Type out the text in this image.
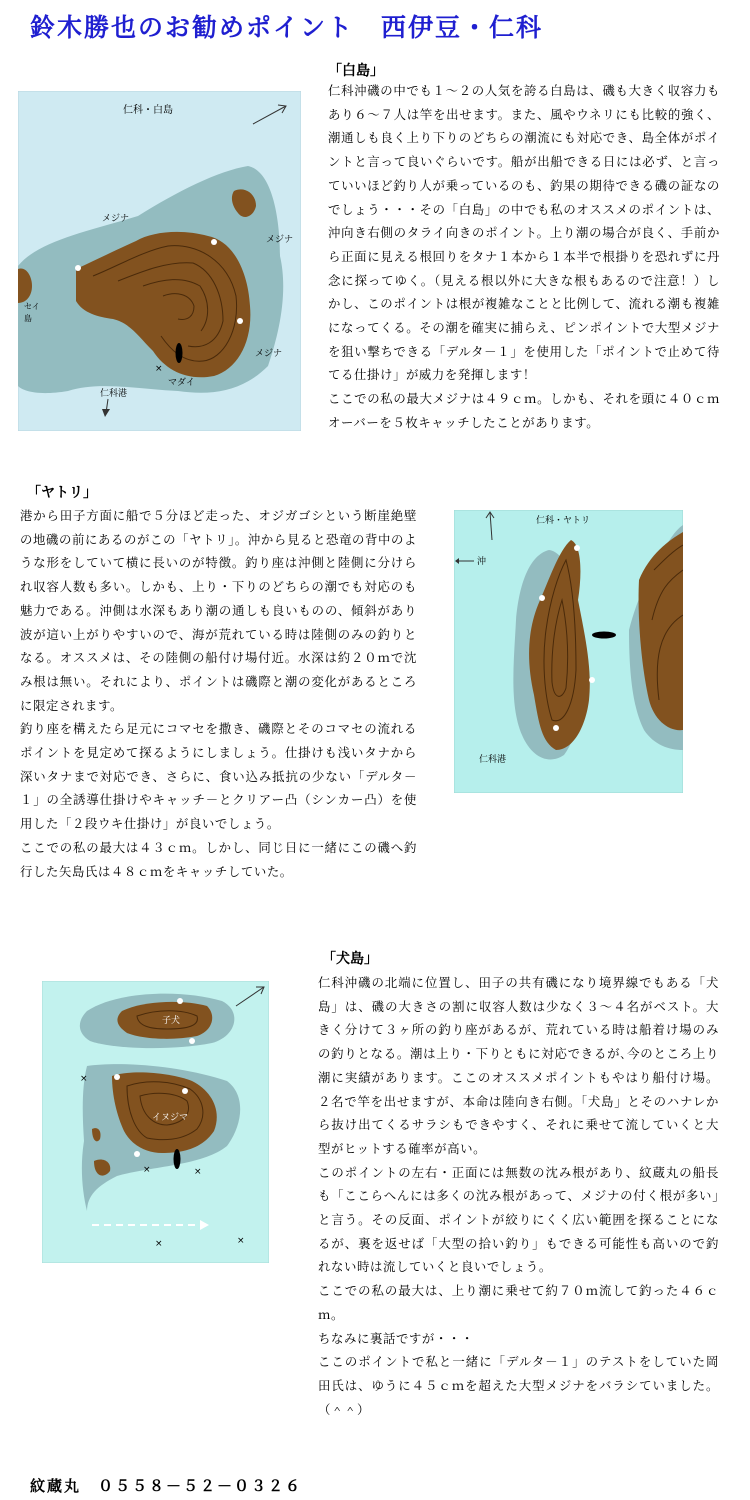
鈴木勝也のお勧めポイント　西伊豆・仁科
「白島」
×
仁科・白島
メジナ
メジナ
メジナ
マダイ
仁科港
セイ
島

仁科沖磯の中でも１～２の人気を誇る白島は、磯も大きく収容力もあり６～７人は竿を出せます。また、風やウネリにも比較的強く、潮通しも良く上り下りのどちらの潮流にも対応でき、島全体がポイントと言って良いぐらいです。船が出船できる日には必ず、と言っていいほど釣り人が乗っているのも、釣果の期待できる磯の証なのでしょう・・・その「白島」の中でも私のオススメのポイントは、沖向き右側のタライ向きのポイント。上り潮の場合が良く、手前から正面に見える根回りをタナ１本から１本半で根掛りを恐れずに丹念に探ってゆく。（見える根以外に大きな根もあるので注意！）しかし、このポイントは根が複雑なことと比例して、流れる潮も複雑になってくる。その潮を確実に捕らえ、ピンポイントで大型メジナを狙い撃ちできる「デルタ－１」を使用した「ポイントで止めて待てる仕掛け」が威力を発揮します！

ここでの私の最大メジナは４９ｃｍ。しかも、それを頭に４０ｃｍオーバーを５枚キャッチしたことがあります。

「ヤトリ」

港から田子方面に船で５分ほど走った、オジガゴシという断崖絶壁の地磯の前にあるのがこの「ヤトリ」。沖から見ると恐竜の背中のような形をしていて横に長いのが特徴。釣り座は沖側と陸側に分けられ収容人数も多い。しかも、上り・下りのどちらの潮でも対応のも魅力である。沖側は水深もあり潮の通しも良いものの、傾斜があり波が這い上がりやすいので、海が荒れている時は陸側のみの釣りとなる。オススメは、その陸側の船付け場付近。水深は約２０ｍで沈み根は無い。それにより、ポイントは磯際と潮の変化があるところに限定されます。

釣り座を構えたら足元にコマセを撒き、磯際とそのコマセの流れるポイントを見定めて探るようにしましょう。仕掛けも浅いタナから深いタナまで対応でき、さらに、食い込み抵抗の少ない「デルタ－１」の全誘導仕掛けやキャッチ－とクリアー凸（シンカー凸）を使用した「２段ウキ仕掛け」が良いでしょう。

ここでの私の最大は４３ｃｍ。しかし、同じ日に一緒にこの磯へ釣行した矢島氏は４８ｃｍをキャッチしていた。

仁科・ヤトリ
沖
仁科港
「犬島」
×
×	×
×	×
子犬
イヌジマ

仁科沖磯の北端に位置し、田子の共有磯になり境界線でもある「犬島」は、磯の大きさの割に収容人数は少なく３～４名がベスト。大きく分けて３ヶ所の釣り座があるが、荒れている時は船着け場のみの釣りとなる。潮は上り・下りともに対応できるが､今のところ上り潮に実績があります。ここのオススメポイントもやはり船付け場。２名で竿を出せますが、本命は陸向き右側。「犬島」とそのハナレから抜け出てくるサラシもできやすく、それに乗せて流していくと大型がヒットする確率が高い。

このポイントの左右・正面には無数の沈み根があり、紋蔵丸の船長も「ここらへんには多くの沈み根があって、メジナの付く根が多い」と言う。その反面、ポイントが絞りにくく広い範囲を探ることになるが、裏を返せば「大型の拾い釣り」もできる可能性も高いので釣れない時は流していくと良いでしょう。

ここでの私の最大は、上り潮に乗せて約７０ｍ流して釣った４６ｃｍ。

ちなみに裏話ですが・・・

ここのポイントで私と一緒に「デルタ－１」のテストをしていた岡田氏は、ゆうに４５ｃｍを超えた大型メジナをバラシていました。（＾＾）

紋蔵丸　０５５８－５２－０３２６
